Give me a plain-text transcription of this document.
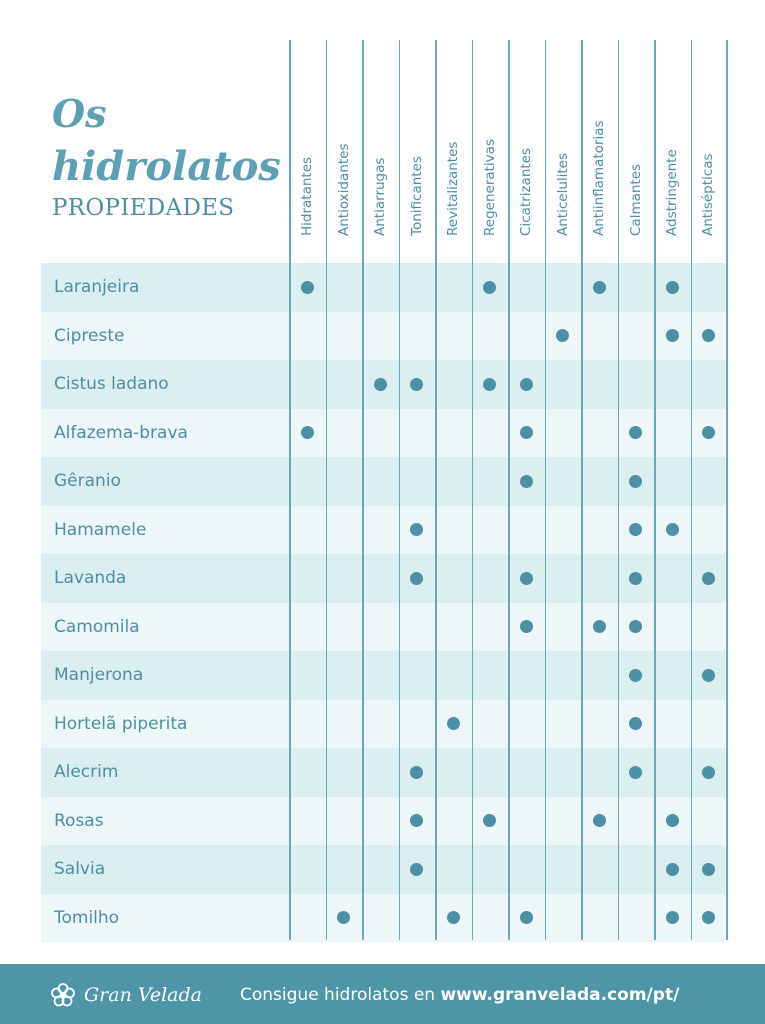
Os
hidrolatos
PROPIEDADES
Laranjeira
Cipreste
Cistus ladano
Alfazema-brava
Gêranio
Hamamele
Lavanda
Camomila
Manjerona
Hortelã piperita
Alecrim
Rosas
Salvia
Tomilho
Hidratantes Antioxidantes Antiarrugas Tonificantes Revitalizantes Regenerativas Cicatrizantes Anticelulites Antiinflamatorias Calmantes Adstringente Antisépticas
Gran Velada Consigue hidrolatos en www.granvelada.com/pt/
